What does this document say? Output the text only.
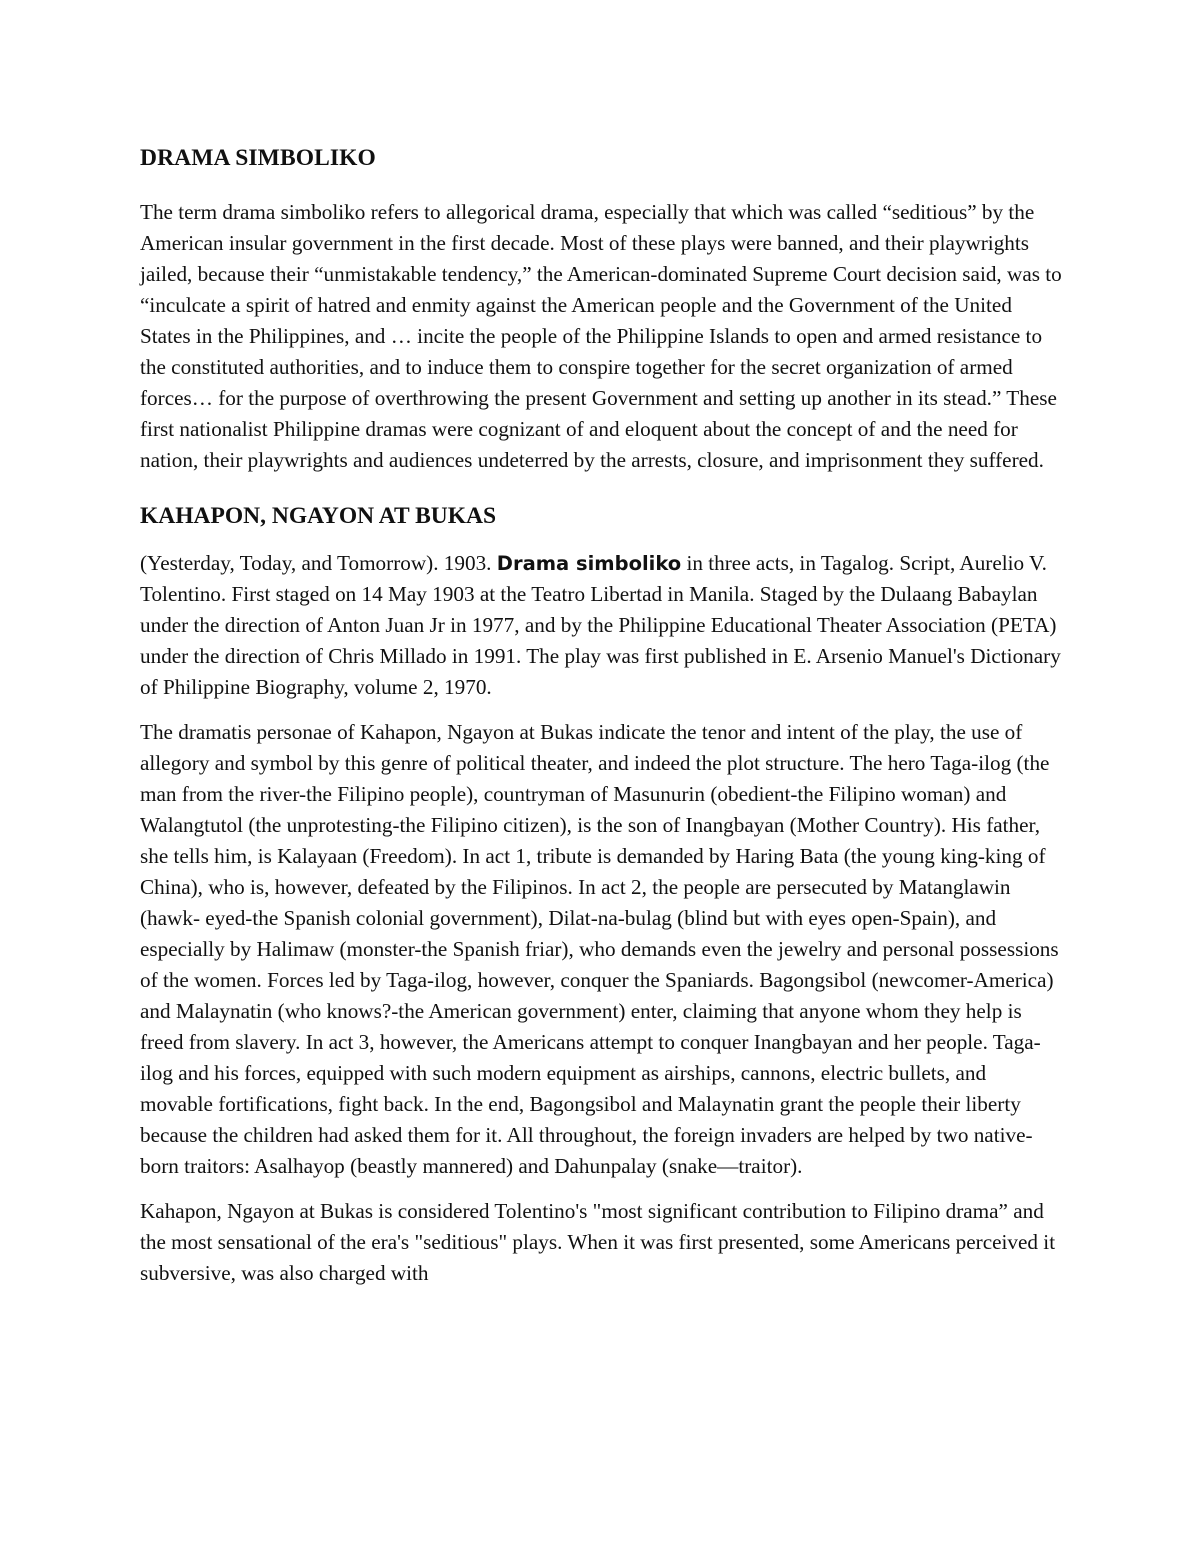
DRAMA SIMBOLIKO

The term drama simboliko refers to allegorical drama, especially that which was called “seditious” by the American insular government in the first decade. Most of these plays were banned, and their playwrights jailed, because their “unmistakable tendency,” the American-dominated Supreme Court decision said, was to “inculcate a spirit of hatred and enmity against the American people and the Government of the United States in the Philippines, and … incite the people of the Philippine Islands to open and armed resistance to the constituted authorities, and to induce them to conspire together for the secret organization of armed forces… for the purpose of overthrowing the present Government and setting up another in its stead.” These first nationalist Philippine dramas were cognizant of and eloquent about the concept of and the need for nation, their playwrights and audiences undeterred by the arrests, closure, and imprisonment they suffered.

KAHAPON, NGAYON AT BUKAS

(Yesterday, Today, and Tomorrow). 1903. Drama simboliko in three acts, in Tagalog. Script, Aurelio V. Tolentino. First staged on 14 May 1903 at the Teatro Libertad in Manila. Staged by the Dulaang Babaylan under the direction of Anton Juan Jr in 1977, and by the Philippine Educational Theater Association (PETA) under the direction of Chris Millado in 1991. The play was first published in E. Arsenio Manuel's Dictionary of Philippine Biography, volume 2, 1970.

The dramatis personae of Kahapon, Ngayon at Bukas indicate the tenor and intent of the play, the use of allegory and symbol by this genre of political theater, and indeed the plot structure. The hero Taga-ilog (the man from the river-the Filipino people), countryman of Masunurin (obedient-the Filipino woman) and Walangtutol (the unprotesting-the Filipino citizen), is the son of Inangbayan (Mother Country). His father, she tells him, is Kalayaan (Freedom). In act 1, tribute is demanded by Haring Bata (the young king-king of China), who is, however, defeated by the Filipinos. In act 2, the people are persecuted by Matanglawin (hawk- eyed-the Spanish colonial government), Dilat-na-bulag (blind but with eyes open-Spain), and especially by Halimaw (monster-the Spanish friar), who demands even the jewelry and personal possessions of the women. Forces led by Taga-ilog, however, conquer the Spaniards. Bagongsibol (newcomer-America) and Malaynatin (who knows?-the American government) enter, claiming that anyone whom they help is freed from slavery. In act 3, however, the Americans attempt to conquer Inangbayan and her people. Taga-ilog and his forces, equipped with such modern equipment as airships, cannons, electric bullets, and movable fortifications, fight back. In the end, Bagongsibol and Malaynatin grant the people their liberty because the children had asked them for it. All throughout, the foreign invaders are helped by two native-born traitors: Asalhayop (beastly mannered) and Dahunpalay (snake—traitor).

Kahapon, Ngayon at Bukas is considered Tolentino's "most significant contribution to Filipino drama” and the most sensational of the era's "seditious" plays. When it was first presented, some Americans perceived it subversive, was also charged with
